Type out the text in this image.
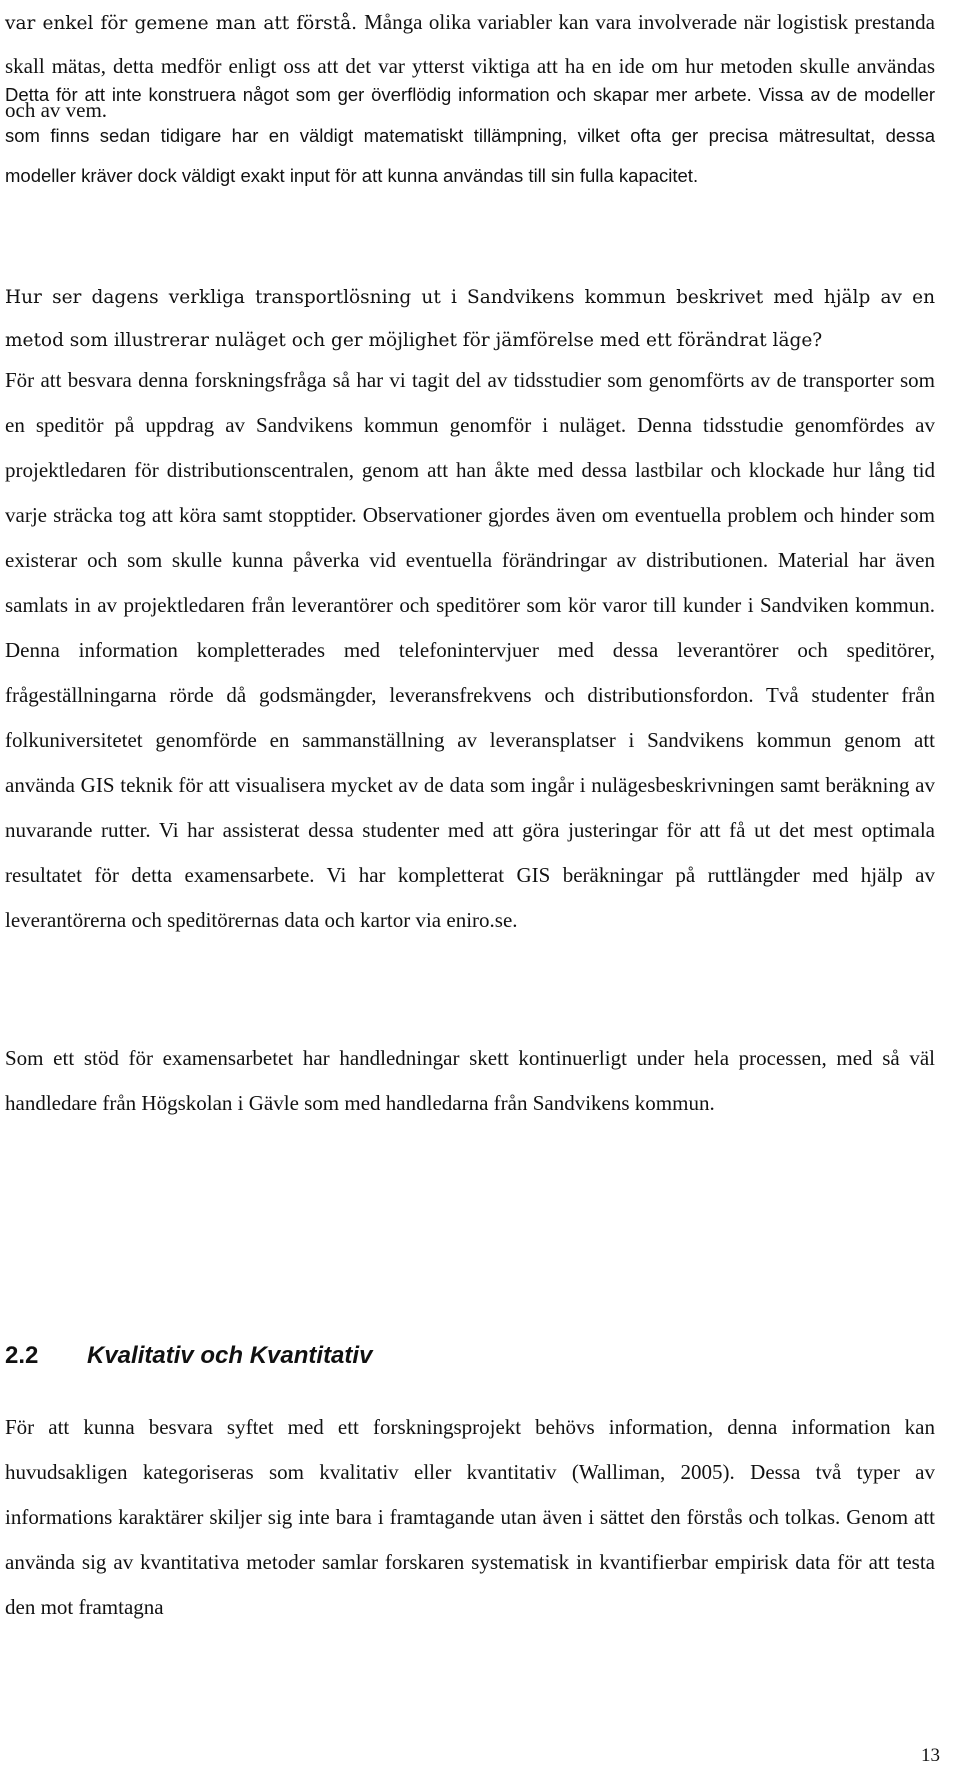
var enkel för gemene man att förstå. Många olika variabler kan vara involverade när logistisk prestanda skall mätas, detta medför enligt oss att det var ytterst viktiga att ha en ide om hur metoden skulle användas och av vem.

Detta för att inte konstruera något som ger överflödig information och skapar mer arbete. Vissa av de modeller som finns sedan tidigare har en väldigt matematiskt tillämpning, vilket ofta ger precisa mätresultat, dessa modeller kräver dock väldigt exakt input för att kunna användas till sin fulla kapacitet.

Hur ser dagens verkliga transportlösning ut i Sandvikens kommun beskrivet med hjälp av en metod som illustrerar nuläget och ger möjlighet för jämförelse med ett förändrat läge?

För att besvara denna forskningsfråga så har vi tagit del av tidsstudier som genomförts av de transporter som en speditör på uppdrag av Sandvikens kommun genomför i nuläget. Denna tidsstudie genomfördes av projektledaren för distributionscentralen, genom att han åkte med dessa lastbilar och klockade hur lång tid varje sträcka tog att köra samt stopptider. Observationer gjordes även om eventuella problem och hinder som existerar och som skulle kunna påverka vid eventuella förändringar av distributionen. Material har även samlats in av projektledaren från leverantörer och speditörer som kör varor till kunder i Sandviken kommun. Denna information kompletterades med telefonintervjuer med dessa leverantörer och speditörer, frågeställningarna rörde då godsmängder, leveransfrekvens och distributionsfordon. Två studenter från folkuniversitetet genomförde en sammanställning av leveransplatser i Sandvikens kommun genom att använda GIS teknik för att visualisera mycket av de data som ingår i nulägesbeskrivningen samt beräkning av nuvarande rutter. Vi har assisterat dessa studenter med att göra justeringar för att få ut det mest optimala resultatet för detta examensarbete. Vi har kompletterat GIS beräkningar på ruttlängder med hjälp av leverantörerna och speditörernas data och kartor via eniro.se.

Som ett stöd för examensarbetet har handledningar skett kontinuerligt under hela processen, med så väl handledare från Högskolan i Gävle som med handledarna från Sandvikens kommun.

2.2 Kvalitativ och Kvantitativ

För att kunna besvara syftet med ett forskningsprojekt behövs information, denna information kan huvudsakligen kategoriseras som kvalitativ eller kvantitativ (Walliman, 2005). Dessa två typer av informations karaktärer skiljer sig inte bara i framtagande utan även i sättet den förstås och tolkas. Genom att använda sig av kvantitativa metoder samlar forskaren systematisk in kvantifierbar empirisk data för att testa den mot framtagna

13
